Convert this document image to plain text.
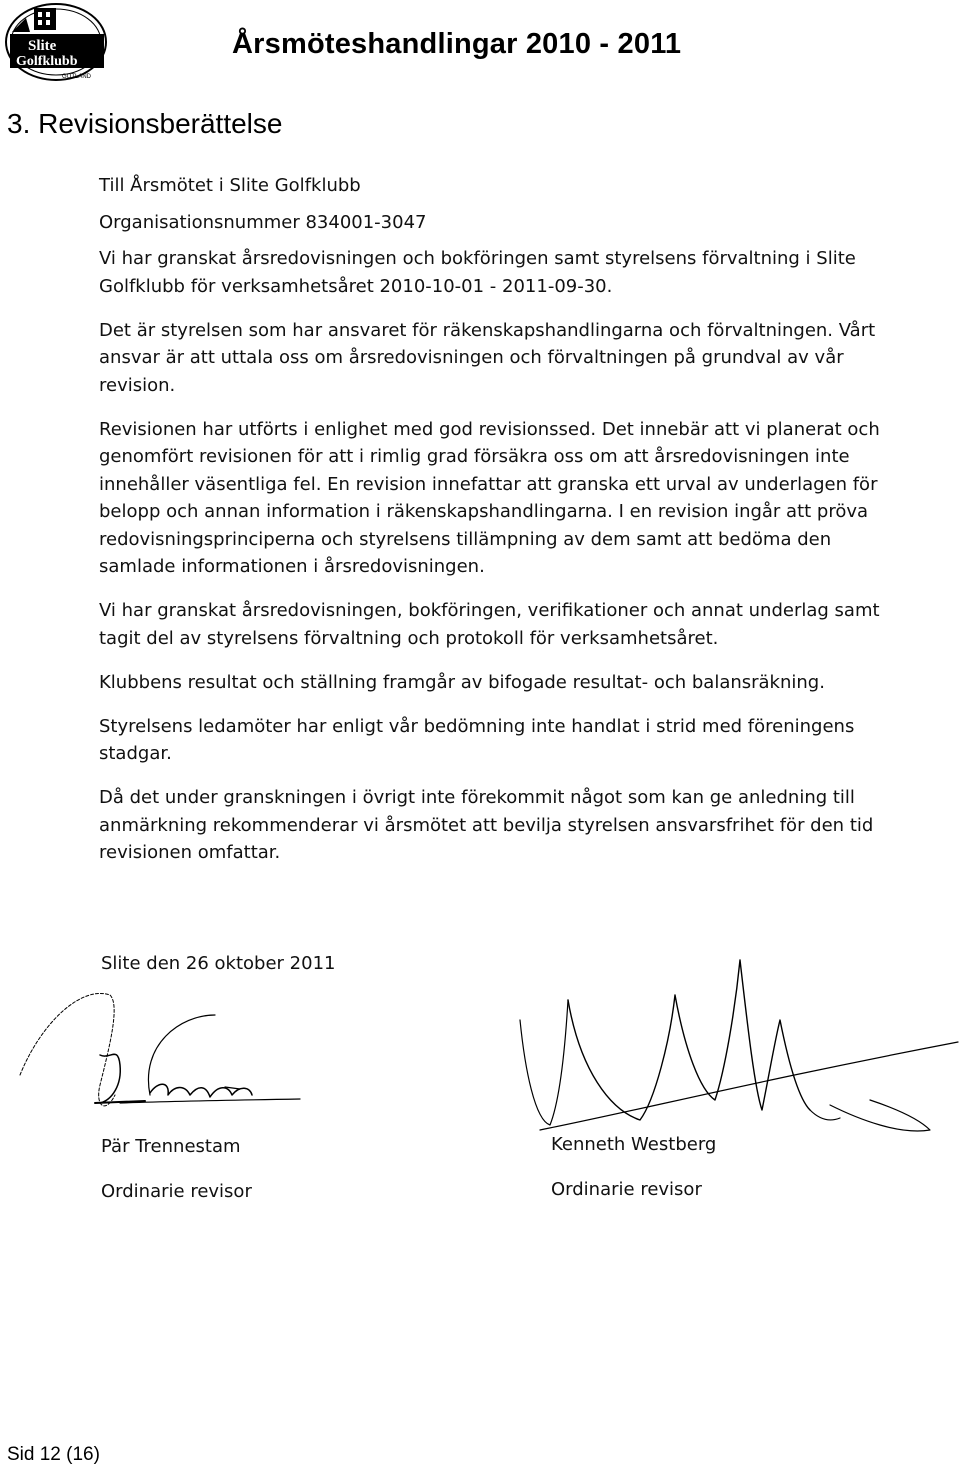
Slite
Golfklubb
GOTLAND
Årsmöteshandlingar 2010 - 2011
3. Revisionsberättelse

Till Årsmötet i Slite Golfklubb

Organisationsnummer 834001-3047

Vi har granskat årsredovisningen och bokföringen samt styrelsens förvaltning i Slite Golfklubb för verksamhetsåret 2010-10-01 - 2011-09-30.

Det är styrelsen som har ansvaret för räkenskapshandlingarna och förvaltningen. Vårt ansvar är att uttala oss om årsredovisningen och förvaltningen på grundval av vår revision.

Revisionen har utförts i enlighet med god revisionssed. Det innebär att vi planerat och genomfört revisionen för att i rimlig grad försäkra oss om att årsredovisningen inte innehåller väsentliga fel. En revision innefattar att granska ett urval av underlagen för belopp och annan information i räkenskapshandlingarna. I en revision ingår att pröva redovisningsprinciperna och styrelsens tillämpning av dem samt att bedöma den samlade informationen i årsredovisningen.

Vi har granskat årsredovisningen, bokföringen, verifikationer och annat underlag samt tagit del av styrelsens förvaltning och protokoll för verksamhetsåret.

Klubbens resultat och ställning framgår av bifogade resultat- och balansräkning.

Styrelsens ledamöter har enligt vår bedömning inte handlat i strid med föreningens stadgar.

Då det under granskningen i övrigt inte förekommit något som kan ge anledning till anmärkning rekommenderar vi årsmötet att bevilja styrelsen ansvarsfrihet för den tid revisionen omfattar.

Slite den 26 oktober 2011
Pär Trennestam
Ordinarie revisor
Kenneth Westberg
Ordinarie revisor
Sid 12 (16)
